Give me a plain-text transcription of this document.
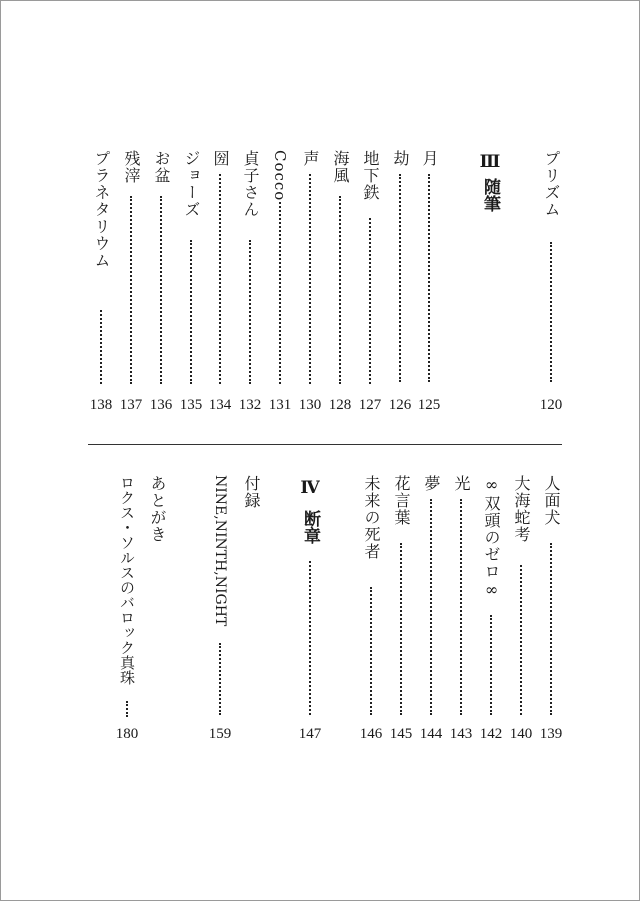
プリズム
120
Ⅲ
随筆
月
125
劫
126
地下鉄
127
海風
128
声
130
Cocco
131
貞子さん
132
圀
134
ジョーズ
135
お盆
136
残滓
137
プラネタリウム
138
人面犬
139
大海蛇考
140
∞双頭のゼロ∞
142
光
143
夢
144
花言葉
145
未来の死者
146
Ⅳ
断章
147
付録
NINE,NINTH,NIGHT
159
あとがき
ロクス・ソルスのバロック真珠
180
